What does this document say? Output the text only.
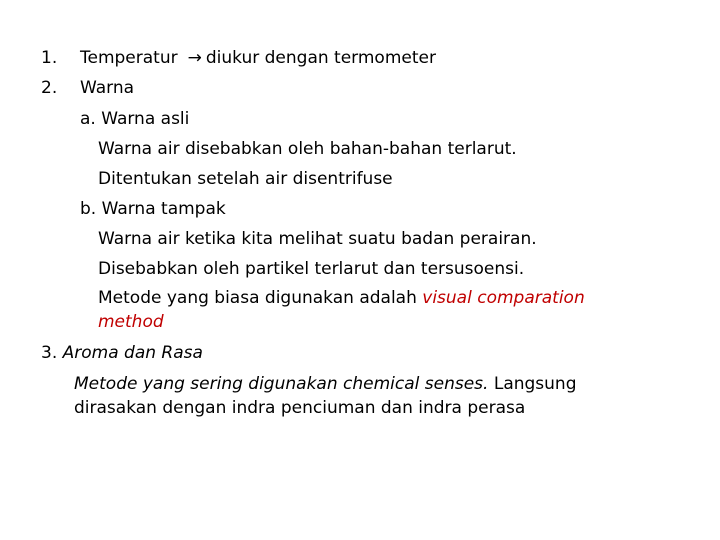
1. Temperatur → diukur dengan termometer
2. Warna
a. Warna asli
Warna air disebabkan oleh bahan-bahan terlarut.
Ditentukan setelah air disentrifuse
b. Warna tampak
Warna air ketika kita melihat suatu badan perairan.
Disebabkan oleh partikel terlarut dan tersusoensi.
Metode yang biasa digunakan adalah visual comparation
method
3. Aroma dan Rasa
Metode yang sering digunakan chemical senses. Langsung
dirasakan dengan indra penciuman dan indra perasa
